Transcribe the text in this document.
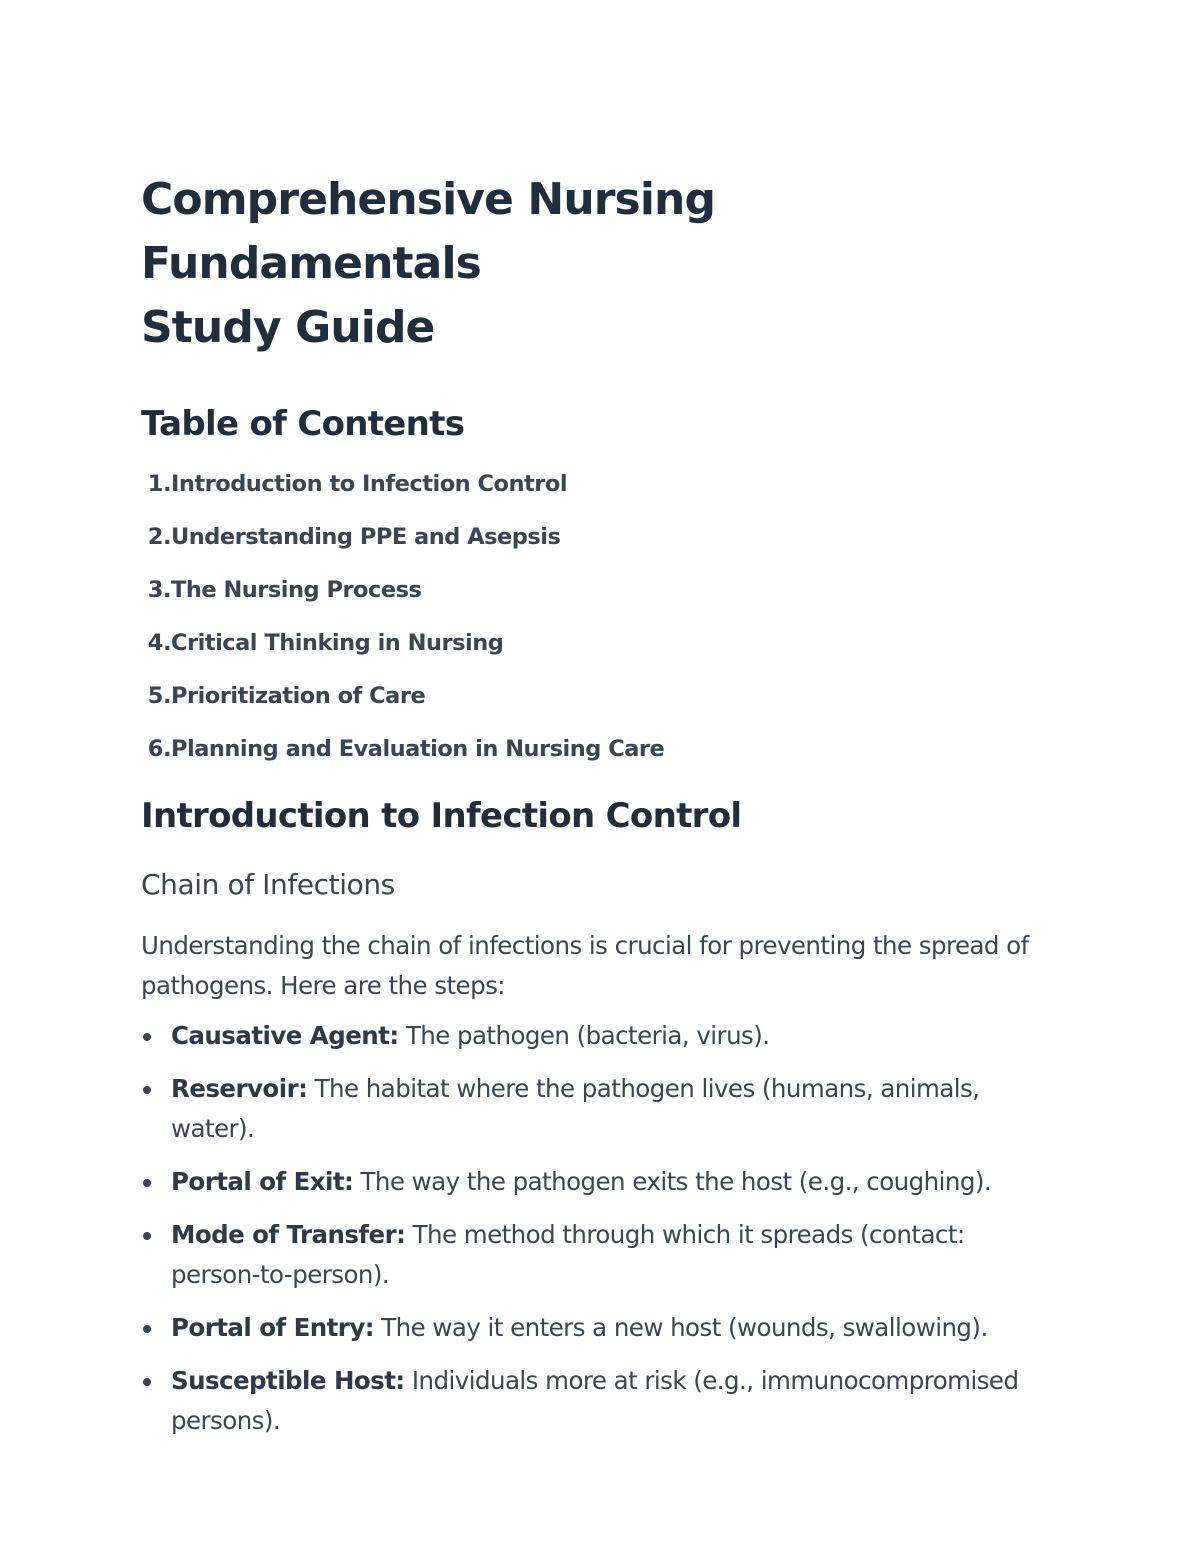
Comprehensive Nursing Fundamentals
Study Guide
Table of Contents
1. Introduction to Infection Control
2. Understanding PPE and Asepsis
3. The Nursing Process
4. Critical Thinking in Nursing
5. Prioritization of Care
6. Planning and Evaluation in Nursing Care
Introduction to Infection Control
Chain of Infections

Understanding the chain of infections is crucial for preventing the spread of pathogens. Here are the steps:

Causative Agent: The pathogen (bacteria, virus).
Reservoir: The habitat where the pathogen lives (humans, animals, water).
Portal of Exit: The way the pathogen exits the host (e.g., coughing).
Mode of Transfer: The method through which it spreads (contact: person-to-person).
Portal of Entry: The way it enters a new host (wounds, swallowing).
Susceptible Host: Individuals more at risk (e.g., immunocompromised persons).
